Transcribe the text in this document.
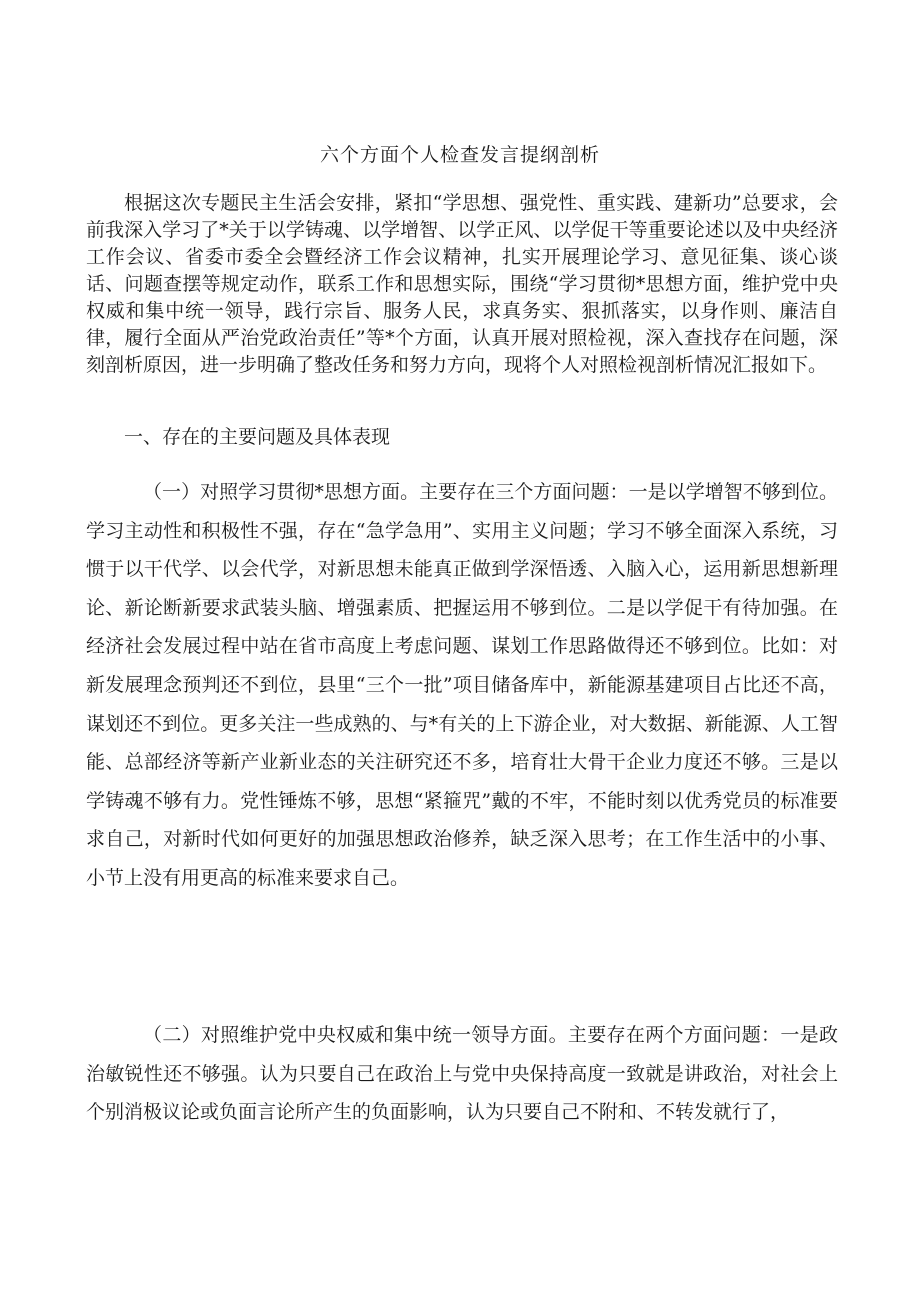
六个方面个人检查发言提纲剖析

根据这次专题民主生活会安排，紧扣“学思想、强党性、重实践、建新功”总要求，会前我深入学习了*关于以学铸魂、以学增智、以学正风、以学促干等重要论述以及中央经济工作会议、省委市委全会暨经济工作会议精神，扎实开展理论学习、意见征集、谈心谈话、问题查摆等规定动作，联系工作和思想实际，围绕“学习贯彻*思想方面，维护党中央权威和集中统一领导，践行宗旨、服务人民，求真务实、狠抓落实，以身作则、廉洁自律，履行全面从严治党政治责任”等*个方面，认真开展对照检视，深入查找存在问题，深刻剖析原因，进一步明确了整改任务和努力方向，现将个人对照检视剖析情况汇报如下。

一、存在的主要问题及具体表现

（一）对照学习贯彻*思想方面。主要存在三个方面问题：一是以学增智不够到位。学习主动性和积极性不强，存在“急学急用”、实用主义问题；学习不够全面深入系统，习惯于以干代学、以会代学，对新思想未能真正做到学深悟透、入脑入心，运用新思想新理论、新论断新要求武装头脑、增强素质、把握运用不够到位。二是以学促干有待加强。在经济社会发展过程中站在省市高度上考虑问题、谋划工作思路做得还不够到位。比如：对新发展理念预判还不到位，县里“三个一批”项目储备库中，新能源基建项目占比还不高，谋划还不到位。更多关注一些成熟的、与*有关的上下游企业，对大数据、新能源、人工智能、总部经济等新产业新业态的关注研究还不多，培育壮大骨干企业力度还不够。三是以学铸魂不够有力。党性锤炼不够，思想“紧箍咒”戴的不牢，不能时刻以优秀党员的标准要求自己，对新时代如何更好的加强思想政治修养，缺乏深入思考；在工作生活中的小事、小节上没有用更高的标准来要求自己。

（二）对照维护党中央权威和集中统一领导方面。主要存在两个方面问题：一是政治敏锐性还不够强。认为只要自己在政治上与党中央保持高度一致就是讲政治，对社会上个别消极议论或负面言论所产生的负面影响，认为只要自己不附和、不转发就行了，
